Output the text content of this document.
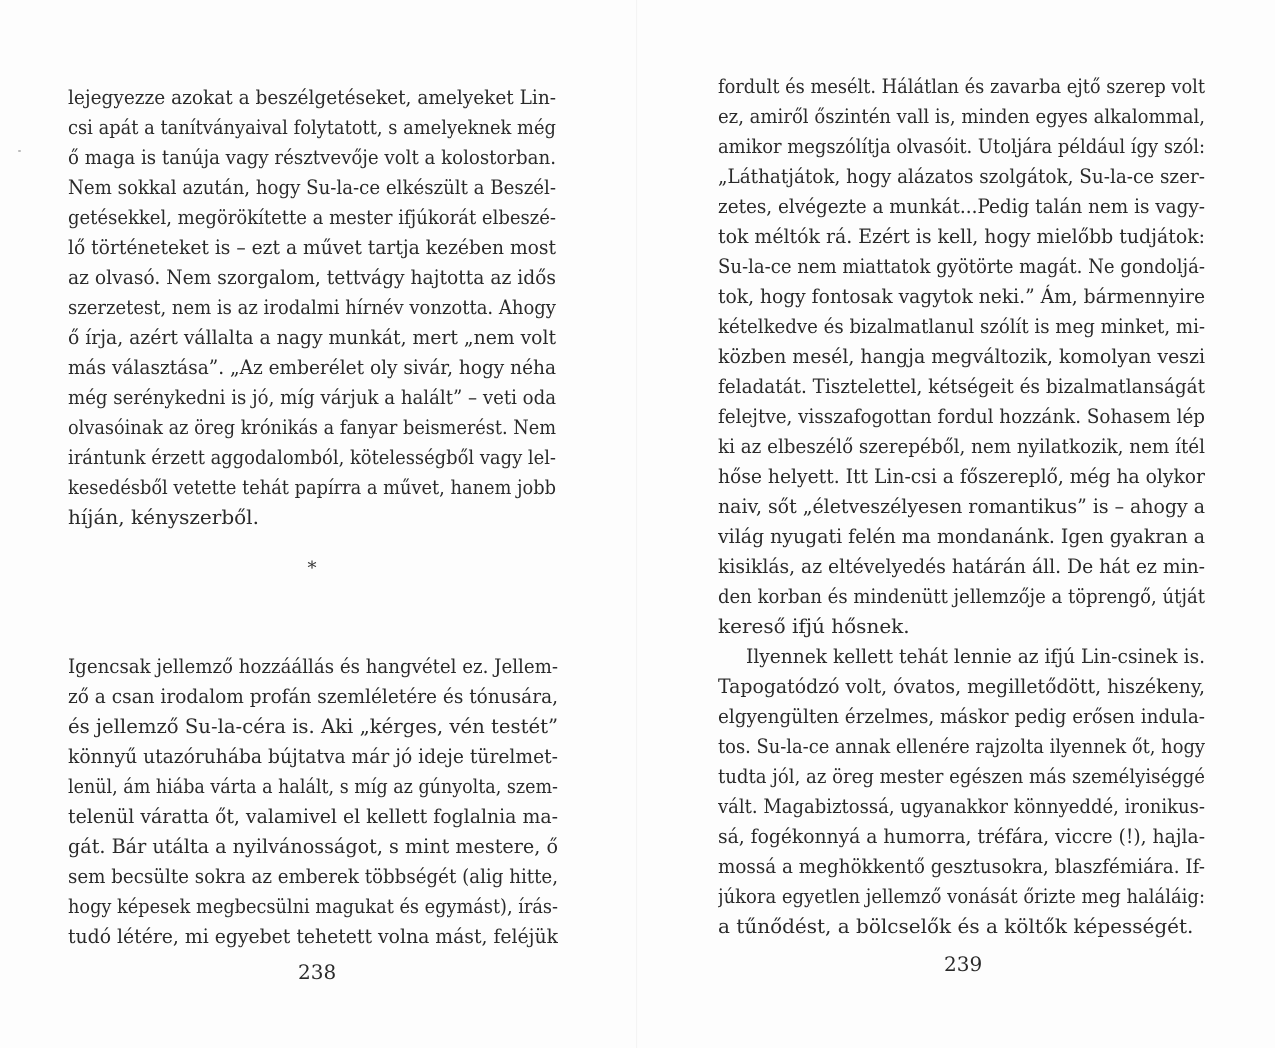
lejegyezze azokat a beszélgetéseket, amelyeket Lin-
csi apát a tanítványaival folytatott, s amelyeknek még
ő maga is tanúja vagy résztvevője volt a kolostorban.
Nem sokkal azután, hogy Su-la-ce elkészült a Beszél-
getésekkel, megörökítette a mester ifjúkorát elbeszé-
lő történeteket is – ezt a művet tartja kezében most
az olvasó. Nem szorgalom, tettvágy hajtotta az idős
szerzetest, nem is az irodalmi hírnév vonzotta. Ahogy
ő írja, azért vállalta a nagy munkát, mert „nem volt
más választása”. „Az emberélet oly sivár, hogy néha
még serénykedni is jó, míg várjuk a halált” – veti oda
olvasóinak az öreg krónikás a fanyar beismerést. Nem
irántunk érzett aggodalomból, kötelességből vagy lel-
kesedésből vetette tehát papírra a művet, hanem jobb
híján, kényszerből.
*
Igencsak jellemző hozzáállás és hangvétel ez. Jellem-
ző a csan irodalom profán szemléletére és tónusára,
és jellemző Su-la-céra is. Aki „kérges, vén testét”
könnyű utazóruhába bújtatva már jó ideje türelmet-
lenül, ám hiába várta a halált, s míg az gúnyolta, szem-
telenül váratta őt, valamivel el kellett foglalnia ma-
gát. Bár utálta a nyilvánosságot, s mint mestere, ő
sem becsülte sokra az emberek többségét (alig hitte,
hogy képesek megbecsülni magukat és egymást), írás-
tudó létére, mi egyebet tehetett volna mást, feléjük
238
fordult és mesélt. Hálátlan és zavarba ejtő szerep volt
ez, amiről őszintén vall is, minden egyes alkalommal,
amikor megszólítja olvasóit. Utoljára például így szól:
„Láthatjátok, hogy alázatos szolgátok, Su-la-ce szer-
zetes, elvégezte a munkát...Pedig talán nem is vagy-
tok méltók rá. Ezért is kell, hogy mielőbb tudjátok:
Su-la-ce nem miattatok gyötörte magát. Ne gondoljá-
tok, hogy fontosak vagytok neki.” Ám, bármennyire
kételkedve és bizalmatlanul szólít is meg minket, mi-
közben mesél, hangja megváltozik, komolyan veszi
feladatát. Tisztelettel, kétségeit és bizalmatlanságát
felejtve, visszafogottan fordul hozzánk. Sohasem lép
ki az elbeszélő szerepéből, nem nyilatkozik, nem ítél
hőse helyett. Itt Lin-csi a főszereplő, még ha olykor
naiv, sőt „életveszélyesen romantikus” is – ahogy a
világ nyugati felén ma mondanánk. Igen gyakran a
kisiklás, az eltévelyedés határán áll. De hát ez min-
den korban és mindenütt jellemzője a töprengő, útját
kereső ifjú hősnek.
Ilyennek kellett tehát lennie az ifjú Lin-csinek is.
Tapogatódzó volt, óvatos, megilletődött, hiszékeny,
elgyengülten érzelmes, máskor pedig erősen indula-
tos. Su-la-ce annak ellenére rajzolta ilyennek őt, hogy
tudta jól, az öreg mester egészen más személyiséggé
vált. Magabiztossá, ugyanakkor könnyeddé, ironikus-
sá, fogékonnyá a humorra, tréfára, viccre (!), hajla-
mossá a meghökkentő gesztusokra, blaszfémiára. If-
júkora egyetlen jellemző vonását őrizte meg haláláig:
a tűnődést, a bölcselők és a költők képességét.
239
